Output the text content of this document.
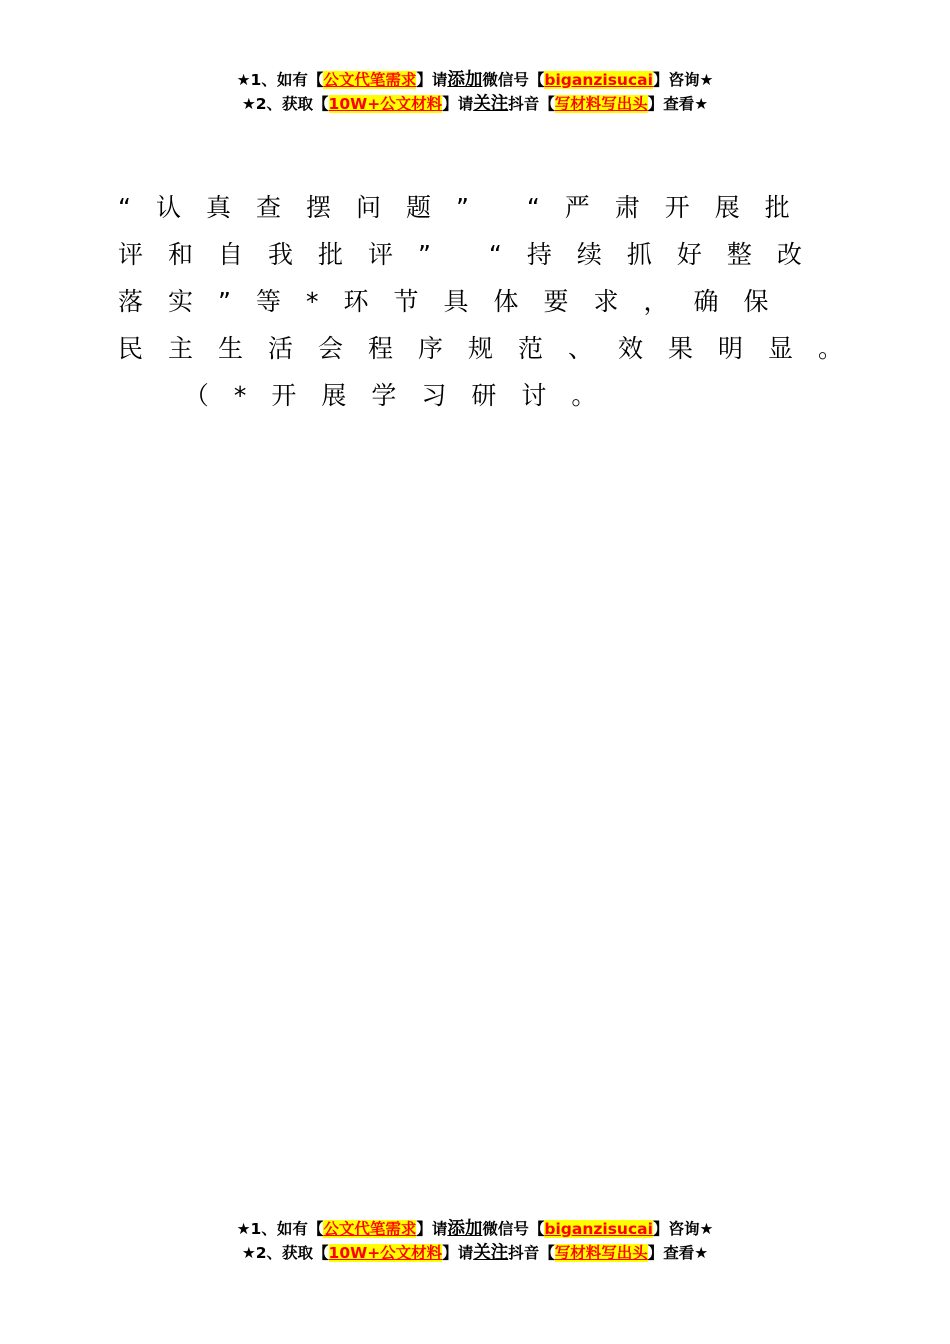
★1、如有【公文代笔需求】请添加微信号【biganzisucai】咨询★
★2、获取【10W+公文材料】请关注抖音【写材料写出头】查看★
“认真查摆问题” “严肃开展批
评和自我批评” “持续抓好整改
落实”等*环节具体要求，确保
民主生活会程序规范、效果明显。
（*开展学习研讨。
★1、如有【公文代笔需求】请添加微信号【biganzisucai】咨询★
★2、获取【10W+公文材料】请关注抖音【写材料写出头】查看★
